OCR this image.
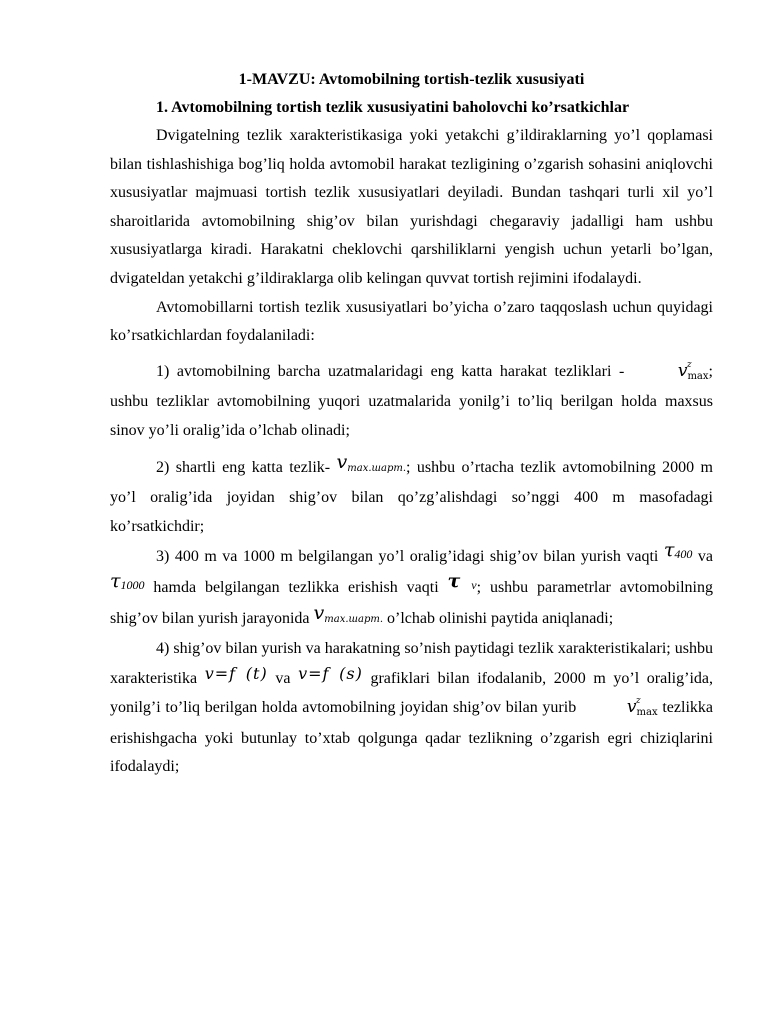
1-MAVZU: Avtomobilning tortish-tezlik xususiyati
1. Avtomobilning tortish tezlik xususiyatini baholovchi ko’rsatkichlar

Dvigatelning tezlik xarakteristikasiga yoki yetakchi g’ildiraklarning yo’l qoplamasi bilan tishlashishiga bog’liq holda avtomobil harakat tezligining o’zgarish sohasini aniqlovchi xususiyatlar majmuasi tortish tezlik xususiyatlari deyiladi. Bundan tashqari turli xil yo’l sharoitlarida avtomobilning shig’ov bilan yurishdagi chegaraviy jadalligi ham ushbu xususiyatlarga kiradi. Harakatni cheklovchi qarshiliklarni yengish uchun yetarli bo’lgan, dvigateldan yetakchi g’ildiraklarga olib kelingan quvvat tortish rejimini ifodalaydi.

Avtomobillarni tortish tezlik xususiyatlari bo’yicha o’zaro taqqoslash uchun quyidagi ko’rsatkichlardan foydalaniladi:

1) avtomobilning barcha uzatmalaridagi eng katta harakat tezliklari -	v z
max; ushbu tezliklar avtomobilning yuqori uzatmalarida yonilg’i to’liq berilgan holda maxsus sinov yo’li oralig’ida o’lchab olinadi;

2) shartli eng katta tezlik- vmax.шарт.; ushbu o’rtacha tezlik avtomobilning 2000 m yo’l oralig’ida joyidan shig’ov bilan qo’zg’alishdagi so’nggi 400 m masofadagi ko’rsatkichdir;

3) 400 m va 1000 m belgilangan yo’l oralig’idagi shig’ov bilan yurish vaqti τ400 va τ1000 hamda belgilangan tezlikka erishish vaqti τ v; ushbu parametrlar avtomobilning shig’ov bilan yurish jarayonida vmax.шарт. o’lchab olinishi paytida aniqlanadi;

4) shig’ov bilan yurish va harakatning so’nish paytidagi tezlik xarakteristikalari; ushbu xarakteristika v=f (t) va v=f (s) grafiklari bilan ifodalanib, 2000 m yo’l oralig’ida, yonilg’i to’liq berilgan holda avtomobilning joyidan shig’ov bilan yurib	v z
max tezlikka erishishgacha yoki butunlay to’xtab qolgunga qadar tezlikning o’zgarish egri chiziqlarini ifodalaydi;
